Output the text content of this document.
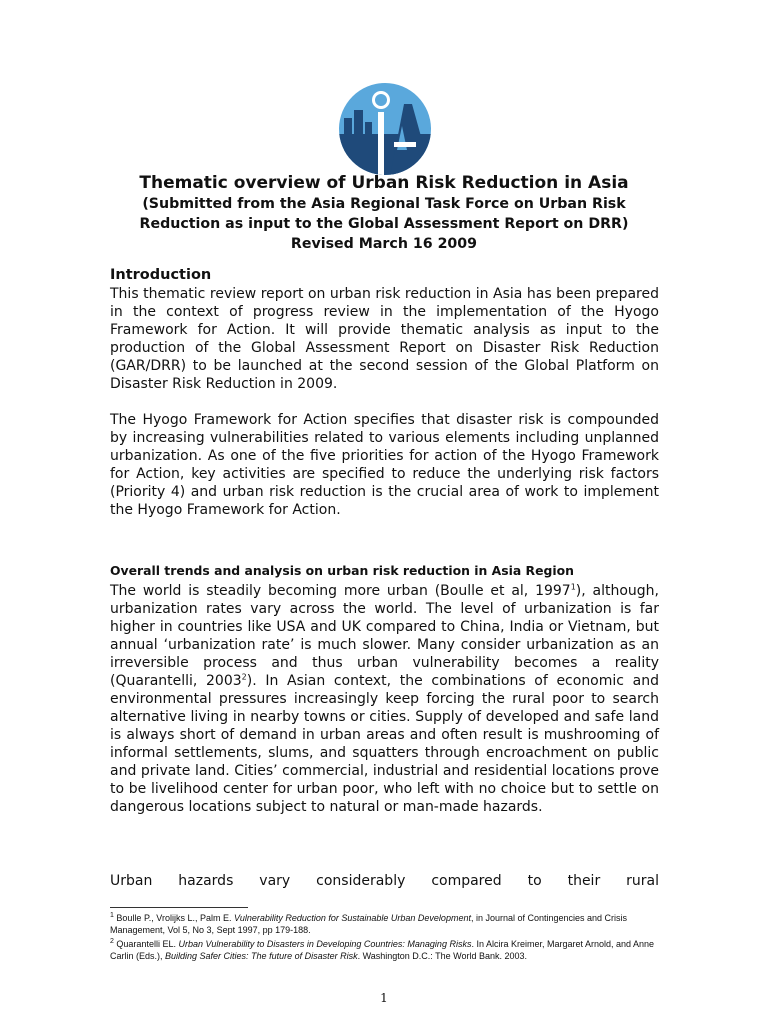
Thematic overview of Urban Risk Reduction in Asia

(Submitted from the Asia Regional Task Force on Urban Risk

Reduction as input to the Global Assessment Report on DRR)

Revised March 16 2009

Introduction

This thematic review report on urban risk reduction in Asia has been prepared in the context of progress review in the implementation of the Hyogo Framework for Action. It will provide thematic analysis as input to the production of the Global Assessment Report on Disaster Risk Reduction (GAR/DRR) to be launched at the second session of the Global Platform on Disaster Risk Reduction in 2009.

The Hyogo Framework for Action specifies that disaster risk is compounded by increasing vulnerabilities related to various elements including unplanned urbanization. As one of the five priorities for action of the Hyogo Framework for Action, key activities are specified to reduce the underlying risk factors (Priority 4) and urban risk reduction is the crucial area of work to implement the Hyogo Framework for Action.

Overall trends and analysis on urban risk reduction in Asia Region

The world is steadily becoming more urban (Boulle et al, 1997$^1$), although, urbanization rates vary across the world. The level of urbanization is far higher in countries like USA and UK compared to China, India or Vietnam, but annual ‘urbanization rate’ is much slower. Many consider urbanization as an irreversible process and thus urban vulnerability becomes a reality (Quarantelli, 2003$^2$). In Asian context, the combinations of economic and environmental pressures increasingly keep forcing the rural poor to search alternative living in nearby towns or cities. Supply of developed and safe land is always short of demand in urban areas and often result is mushrooming of informal settlements, slums, and squatters through encroachment on public and private land. Cities’ commercial, industrial and residential locations prove to be livelihood center for urban poor, who left with no choice but to settle on dangerous locations subject to natural or man-made hazards.

Urban hazards vary considerably compared to their rural

$^1$ Boulle P., Vrolijks L., Palm E. Vulnerability Reduction for Sustainable Urban Development, in Journal of Contingencies and Crisis Management, Vol 5, No 3, Sept 1997, pp 179-188.

$^2$ Quarantelli EL. Urban Vulnerability to Disasters in Developing Countries: Managing Risks. In Alcira Kreimer, Margaret Arnold, and Anne Carlin (Eds.), Building Safer Cities: The future of Disaster Risk. Washington D.C.: The World Bank. 2003.

1
